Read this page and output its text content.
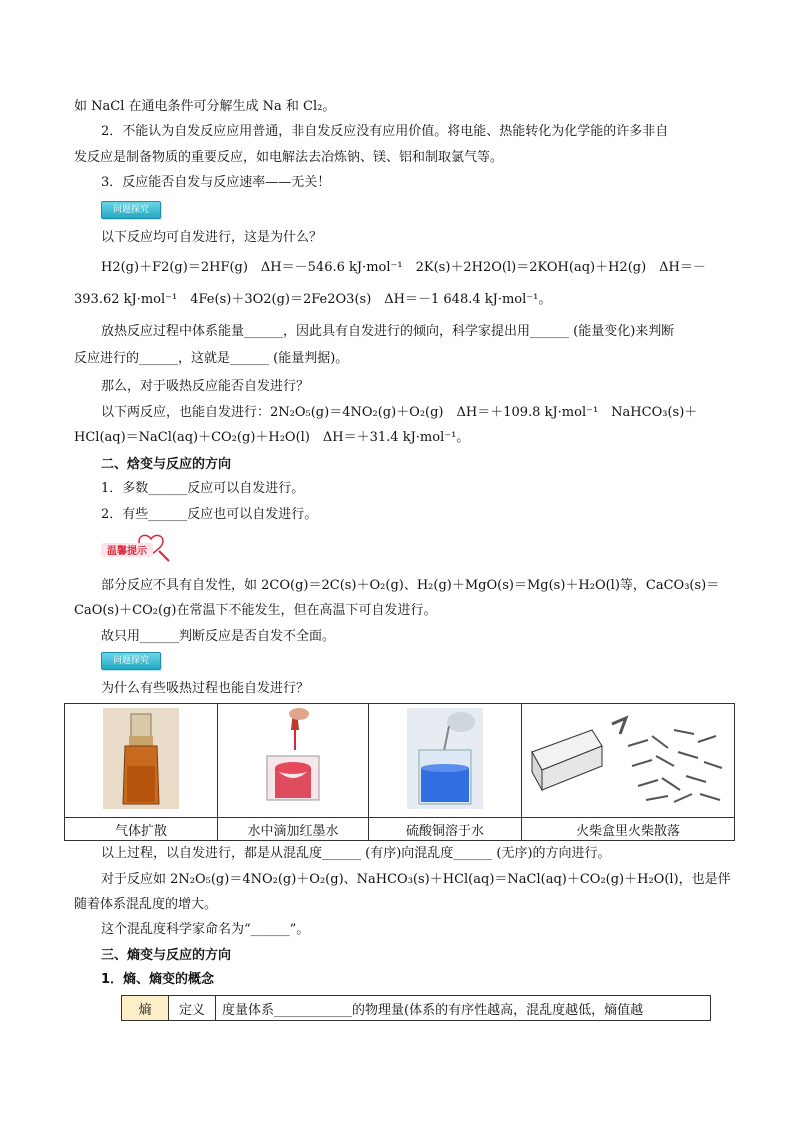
如 NaCl 在通电条件可分解生成 Na 和 Cl₂。
2．不能认为自发反应应用普通，非自发反应没有应用价值。将电能、热能转化为化学能的许多非自
发反应是制备物质的重要反应，如电解法去冶炼钠、镁、铝和制取氯气等。
3．反应能否自发与反应速率——无关！
问题探究
以下反应均可自发进行，这是为什么？
H2(g)＋F2(g)＝2HF(g)　ΔH＝－546.6 kJ·mol⁻¹　2K(s)＋2H2O(l)＝2KOH(aq)＋H2(g)　ΔH＝－
393.62 kJ·mol⁻¹　4Fe(s)＋3O2(g)＝2Fe2O3(s)　ΔH＝－1 648.4 kJ·mol⁻¹。
放热反应过程中体系能量______，因此具有自发进行的倾向，科学家提出用______ (能量变化)来判断
反应进行的______，这就是______ (能量判据)。
那么，对于吸热反应能否自发进行？
以下两反应，也能自发进行：2N₂O₅(g)＝4NO₂(g)＋O₂(g)　ΔH＝＋109.8 kJ·mol⁻¹　NaHCO₃(s)＋
HCl(aq)＝NaCl(aq)＋CO₂(g)＋H₂O(l)　ΔH＝＋31.4 kJ·mol⁻¹。
二、焓变与反应的方向
1．多数______反应可以自发进行。
2．有些______反应也可以自发进行。
温馨提示
部分反应不具有自发性，如 2CO(g)＝2C(s)＋O₂(g)、H₂(g)＋MgO(s)＝Mg(s)＋H₂O(l)等，CaCO₃(s)＝
CaO(s)＋CO₂(g)在常温下不能发生，但在高温下可自发进行。
故只用______判断反应是否自发不全面。
问题探究
为什么有些吸热过程也能自发进行？

气体扩散	水中滴加红墨水	硫酸铜溶于水	火柴盒里火柴散落
以上过程，以自发进行，都是从混乱度______ (有序)向混乱度______ (无序)的方向进行。
对于反应如 2N₂O₅(g)＝4NO₂(g)＋O₂(g)、NaHCO₃(s)＋HCl(aq)＝NaCl(aq)＋CO₂(g)＋H₂O(l)，也是伴
随着体系混乱度的增大。
这个混乱度科学家命名为“______”。
三、熵变与反应的方向
1．熵、熵变的概念
熵	定义	度量体系____________的物理量(体系的有序性越高，混乱度越低，熵值越
